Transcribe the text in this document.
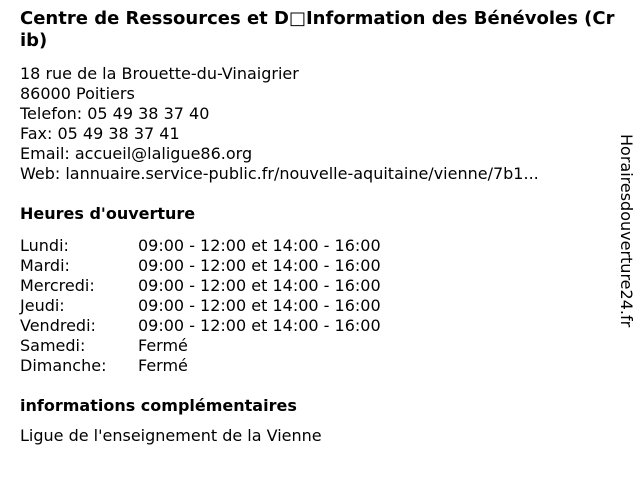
Centre de Ressources et D□Information des Bénévoles (Crib)
18 rue de la Brouette-du-Vinaigrier
86000 Poitiers
Telefon: 05 49 38 37 40
Fax: 05 49 38 37 41
Email: accueil@laligue86.org
Web: lannuaire.service-public.fr/nouvelle-aquitaine/vienne/7b1...
Heures d'ouverture
Lundi:	09:00 - 12:00 et 14:00 - 16:00
Mardi:	09:00 - 12:00 et 14:00 - 16:00
Mercredi:	09:00 - 12:00 et 14:00 - 16:00
Jeudi:	09:00 - 12:00 et 14:00 - 16:00
Vendredi:	09:00 - 12:00 et 14:00 - 16:00
Samedi:	Fermé
Dimanche:	Fermé
informations complémentaires
Ligue de l'enseignement de la Vienne
Horairesdouverture24.fr
